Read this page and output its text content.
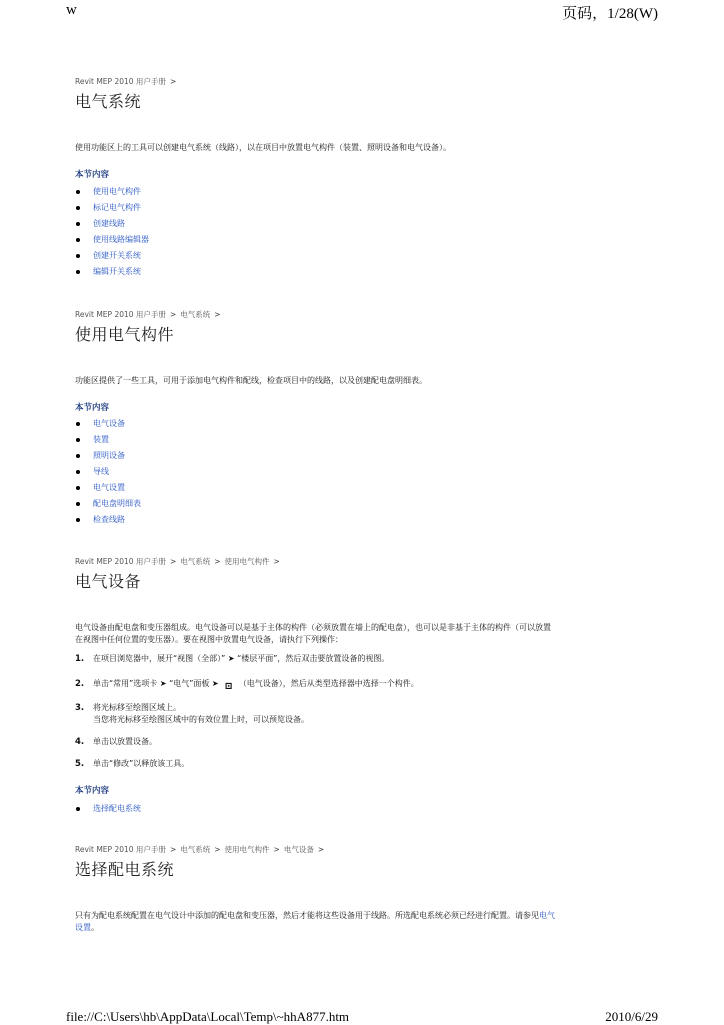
w	页码，1/28(W)
Revit MEP 2010 用户手册 >
电气系统
使用功能区上的工具可以创建电气系统（线路），以在项目中放置电气构件（装置、照明设备和电气设备）。
本节内容
使用电气构件
标记电气构件
创建线路
使用线路编辑器
创建开关系统
编辑开关系统
Revit MEP 2010 用户手册 > 电气系统 >
使用电气构件
功能区提供了一些工具，可用于添加电气构件和配线，检查项目中的线路，以及创建配电盘明细表。
本节内容
电气设备
装置
照明设备
导线
电气设置
配电盘明细表
检查线路
Revit MEP 2010 用户手册 > 电气系统 > 使用电气构件 >
电气设备
电气设备由配电盘和变压器组成。电气设备可以是基于主体的构件（必须放置在墙上的配电盘），也可以是非基于主体的构件（可以放置
在视图中任何位置的变压器）。要在视图中放置电气设备，请执行下列操作：
1. 在项目浏览器中，展开“视图（全部）” ➤ “楼层平面”，然后双击要放置设备的视图。
2. 单击“常用”选项卡 ➤ “电气”面板 ➤ ⊡ （电气设备），然后从类型选择器中选择一个构件。
3. 将光标移至绘图区域上。
当您将光标移至绘图区域中的有效位置上时，可以预览设备。
4. 单击以放置设备。
5. 单击“修改”以释放该工具。
本节内容
选择配电系统
Revit MEP 2010 用户手册 > 电气系统 > 使用电气构件 > 电气设备 >
选择配电系统
只有为配电系统配置在电气设计中添加的配电盘和变压器，然后才能将这些设备用于线路。所选配电系统必须已经进行配置。请参见电气
设置。
file://C:\Users\hb\AppData\Local\Temp\~hhA877.htm	2010/6/29
